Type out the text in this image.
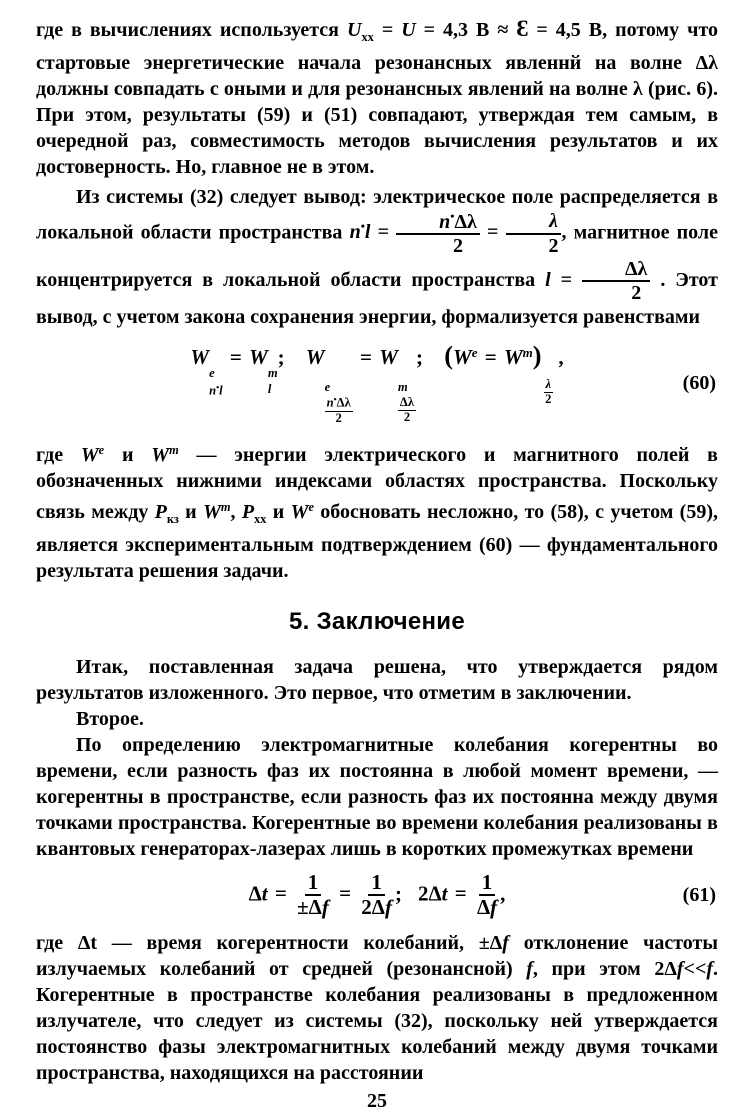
где в вычислениях используется $U_{хх} = U = 4,3$ В ≈ Ɛ = 4,5 В, потому что стартовые энергетические начала резонансных явленнй на волне Δλ должны совпадать с оными и для резонансных явлений на волне λ (рис. 6). При этом, результаты (59) и (51) совпадают, утверждая тем самым, в очередной раз, совместимость методов вычисления результатов и их достоверность. Но, главное не в этом.

Из системы (32) следует вывод: электрическое поле распределяется в локальной области пространства $n^•l = \frac{n^•\Delta\lambda}{2} = \frac{\lambda}{2}$ , магнитное поле концентрируется в локальной области пространства $l = \frac{\Delta\lambda}{2}$ . Этот вывод, с учетом закона сохранения энергии, формализуется равенствами

W
e
n•l
= W
m
l
; W
e
$\frac{n^•\Delta\lambda}{2}$
= W
m
$\frac{\Delta\lambda}{2}$
; $(W^e = W^m)$
$\frac{\lambda}{2}$
,
(60)

где $W^e$ и $W^m$ — энергии электрического и магнитного полей в обозначенных нижними индексами областях пространства. Поскольку связь между $P_{кз}$ и $W^m$, $P_{хх}$ и $W^e$ обосновать несложно, то (58), с учетом (59), является экспериментальным подтверждением (60) — фундаментального результата решения задачи.

5. Заключение

Итак, поставленная задача решена, что утверждается рядом результатов изложенного. Это первое, что отметим в заключении.

Второе.

По определению электромагнитные колебания когерентны во времени, если разность фаз их постоянна в любой момент времени, — когерентны в пространстве, если разность фаз их постоянна между двумя точками пространства. Когерентные во времени колебания реализованы в квантовых генераторах-лазерах лишь в коротких промежутках времени

$\Delta t = \frac{1}{\pm\Delta f} = \frac{1}{2\Delta f}$ ; $2\Delta t = \frac{1}{\Delta f}$ ,	(61)

где Δt — время когерентности колебаний, ±Δf отклонение частоты излучаемых колебаний от средней (резонансной) f, при этом 2Δf<<f. Когерентные в пространстве колебания реализованы в предложенном излучателе, что следует из системы (32), поскольку ней утверждается постоянство фазы электромагнитных колебаний между двумя точками пространства, находящихся на расстоянии

25
